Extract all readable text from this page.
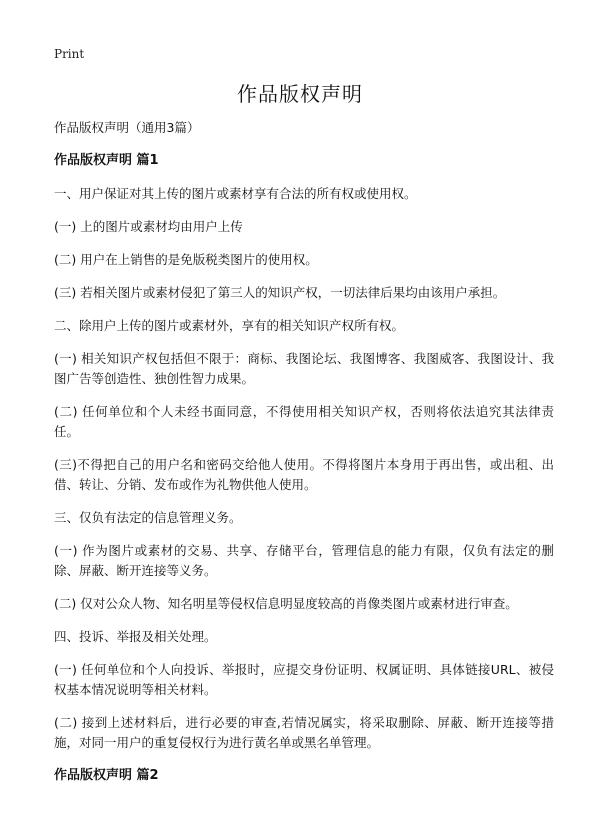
Print
作品版权声明

作品版权声明（通用3篇）

作品版权声明 篇1

一、用户保证对其上传的图片或素材享有合法的所有权或使用权。

(一) 上的图片或素材均由用户上传

(二) 用户在上销售的是免版税类图片的使用权。

(三) 若相关图片或素材侵犯了第三人的知识产权，一切法律后果均由该用户承担。

二、除用户上传的图片或素材外，享有的相关知识产权所有权。

(一) 相关知识产权包括但不限于：商标、我图论坛、我图博客、我图威客、我图设计、我图广告等创造性、独创性智力成果。

(二) 任何单位和个人未经书面同意，不得使用相关知识产权，否则将依法追究其法律责任。

(三)不得把自己的用户名和密码交给他人使用。不得将图片本身用于再出售，或出租、出借、转让、分销、发布或作为礼物供他人使用。

三、仅负有法定的信息管理义务。

(一) 作为图片或素材的交易、共享、存储平台，管理信息的能力有限，仅负有法定的删除、屏蔽、断开连接等义务。

(二) 仅对公众人物、知名明星等侵权信息明显度较高的肖像类图片或素材进行审查。

四、投诉、举报及相关处理。

(一) 任何单位和个人向投诉、举报时，应提交身份证明、权属证明、具体链接URL、被侵权基本情况说明等相关材料。

(二) 接到上述材料后，进行必要的审查,若情况属实，将采取删除、屏蔽、断开连接等措施，对同一用户的重复侵权行为进行黄名单或黑名单管理。

作品版权声明 篇2
